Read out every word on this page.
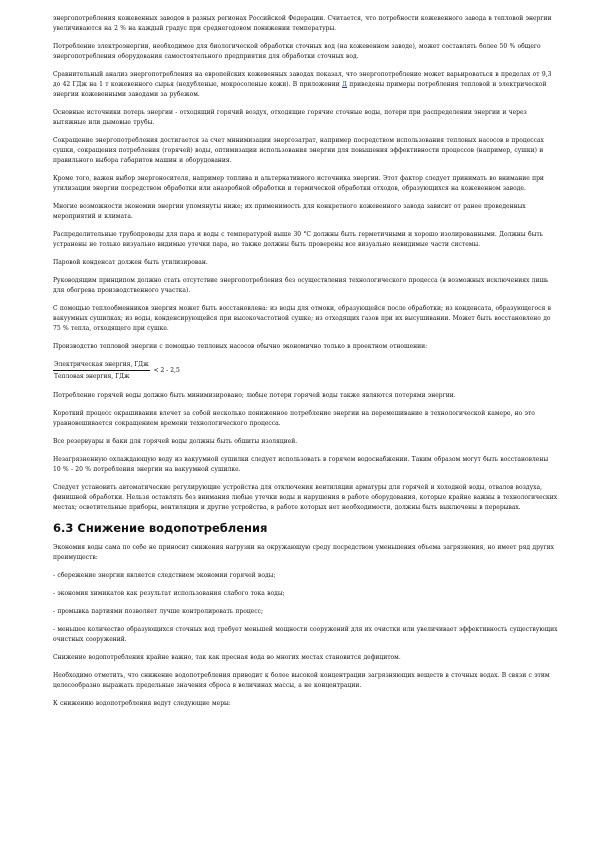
энергопотребления кожевенных заводов в разных регионах Российской Федерации. Считается, что потребности кожевенного завода в тепловой энергии увеличиваются на 2 % на каждый градус при среднегодовом понижении температуры.

Потребление электроэнергии, необходимое для биологической обработки сточных вод (на кожевенном заводе), может составлять более 50 % общего энергопотребления оборудования самостоятельного предприятия для обработки сточных вод.

Сравнительный анализ энергопотребления на европейских кожевенных заводах показал, что энергопотребление может варьироваться в пределах от 9,3 до 42 ГДж на 1 т кожевенного сырья (недубленые, мокросоленые кожи). В приложении Д приведены примеры потребления тепловой и электрической энергии кожевенными заводами за рубежом.

Основные источники потерь энергии - отходящий горячий воздух, отходящие горячие сточные воды, потери при распределении энергии и через вытяжные или дымовые трубы.

Сокращение энергопотребления достигается за счет минимизации энергозатрат, например посредством использования тепловых насосов в процессах сушки, сокращения потребления (горячей) воды, оптимизации использования энергии для повышения эффективности процессов (например, сушки) и правильного выбора габаритов машин и оборудования.

Кроме того, важен выбор энергоносителя, например топлива и альтернативного источника энергии. Этот фактор следует принимать во внимание при утилизации энергии посредством обработки или анаэробной обработки и термической обработки отходов, образующихся на кожевенном заводе.

Многие возможности экономии энергии упомянуты ниже; их применимость для конкретного кожевенного завода зависит от ранее проведенных мероприятий и климата.

Распределительные трубопроводы для пара и воды с температурой выше 30 °С должны быть герметичными и хорошо изолированными. Должны быть устранены не только визуально видимые утечки пара, но также должны быть проверены все визуально невидимые части системы.

Паровой конденсат должен быть утилизирован.

Руководящим принципом должно стать отсутствие энергопотребления без осуществления технологического процесса (в возможных исключениях лишь для обогрева производственного участка).

С помощью теплообменников энергия может быть восстановлена: из воды для отмоки, образующейся после обработки; из конденсата, образующегося в вакуумных сушилках; из воды, конденсирующейся при высокочастотной сушке; из отходящих газов при их высушивании. Может быть восстановлено до 75 % тепла, отходящего при сушке.

Производство тепловой энергии с помощью тепловых насосов обычно экономично только в проектном отношении:

$\frac{\text{Электрическая энергия, ГДж}}{\text{Тепловая энергия, ГДж}} < 2 - 2,5$

Потребление горячей воды должно быть минимизировано; любые потери горячей воды также являются потерями энергии.

Короткий процесс окрашивания влечет за собой несколько пониженное потребление энергии на перемешивание в технологической камере, но это уравновешивается сокращением времени технологического процесса.

Все резервуары и баки для горячей воды должны быть обшиты изоляцией.

Незагрязненную охлаждающую воду из вакуумной сушилки следует использовать в горячем водоснабжении. Таким образом могут быть восстановлены 10 % - 20 % потребления энергии на вакуумной сушилке.

Следует установить автоматические регулирующие устройства для отключения вентиляции арматуры для горячей и холодной воды, отвалов воздуха, финишной обработки. Нельзя оставлять без внимания любые утечки воды и нарушения в работе оборудования, которые крайне важны в технологических местах; осветительные приборы, вентиляции и другие устройства, в работе которых нет необходимости, должны быть выключены в перерывах.

6.3 Снижение водопотребления

Экономия воды сама по себе не приносит снижения нагрузки на окружающую среду посредством уменьшения объема загрязнения, но имеет ряд других преимуществ:

- сбережение энергии является следствием экономии горячей воды;

- экономия химикатов как результат использования слабого тока воды;

- промывка партиями позволяет лучше контролировать процесс;

- меньшее количество образующихся сточных вод требует меньшей мощности сооружений для их очистки или увеличивает эффективность существующих очистных сооружений.

Снижение водопотребления крайне важно, так как пресная вода во многих местах становится дефицитом.

Необходимо отметить, что снижение водопотребления приводит к более высокой концентрации загрязняющих веществ в сточных водах. В связи с этим целесообразно выражать предельные значения сброса в величинах массы, а не концентрации.

К снижению водопотребления ведут следующие меры:
